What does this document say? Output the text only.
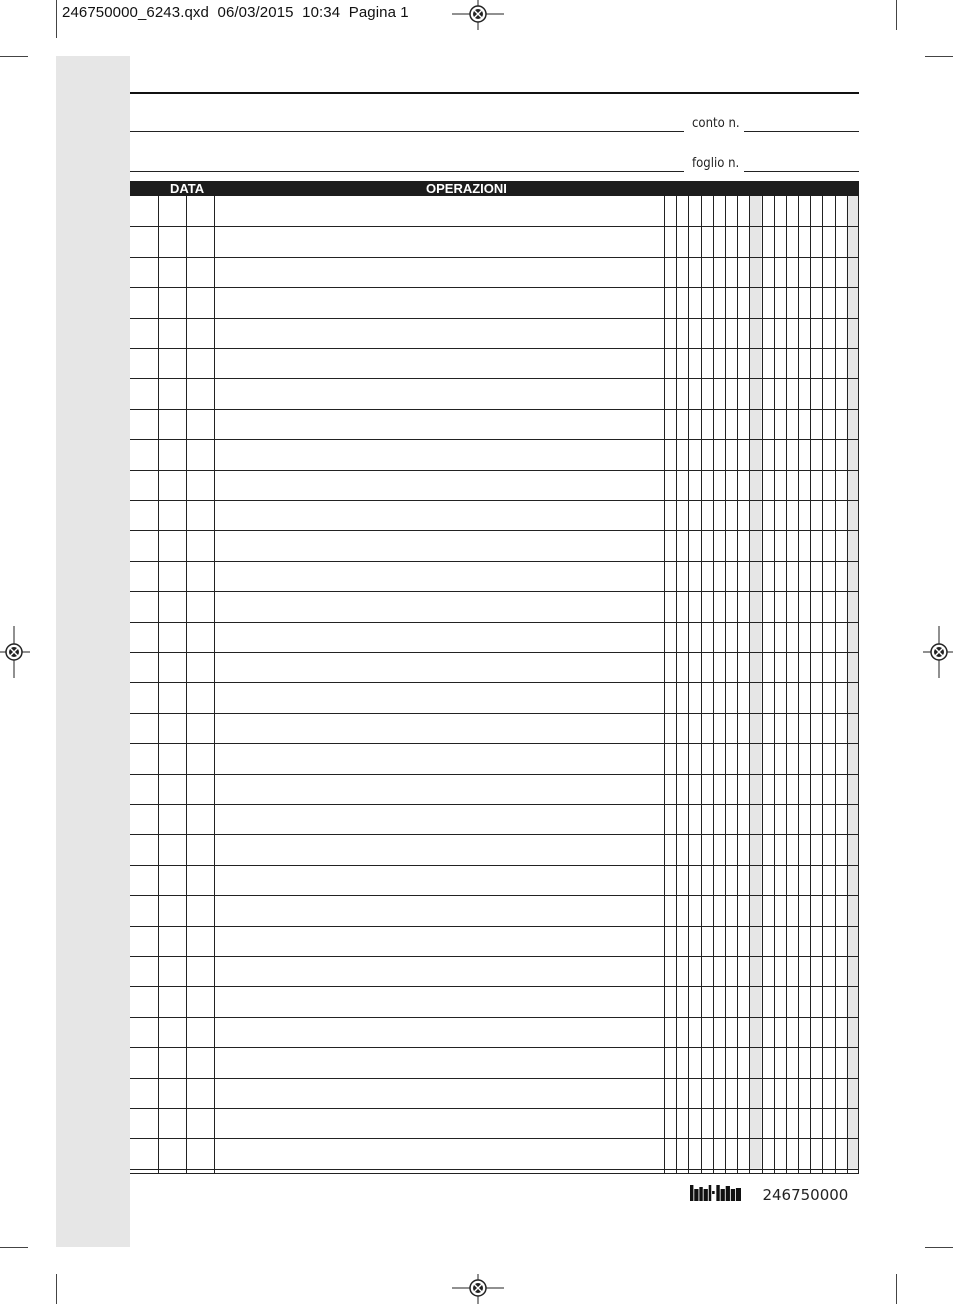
246750000_6243.qxd 06/03/2015 10:34 Pagina 1
conto n.
foglio n.
DATA	OPERAZIONI
246750000
